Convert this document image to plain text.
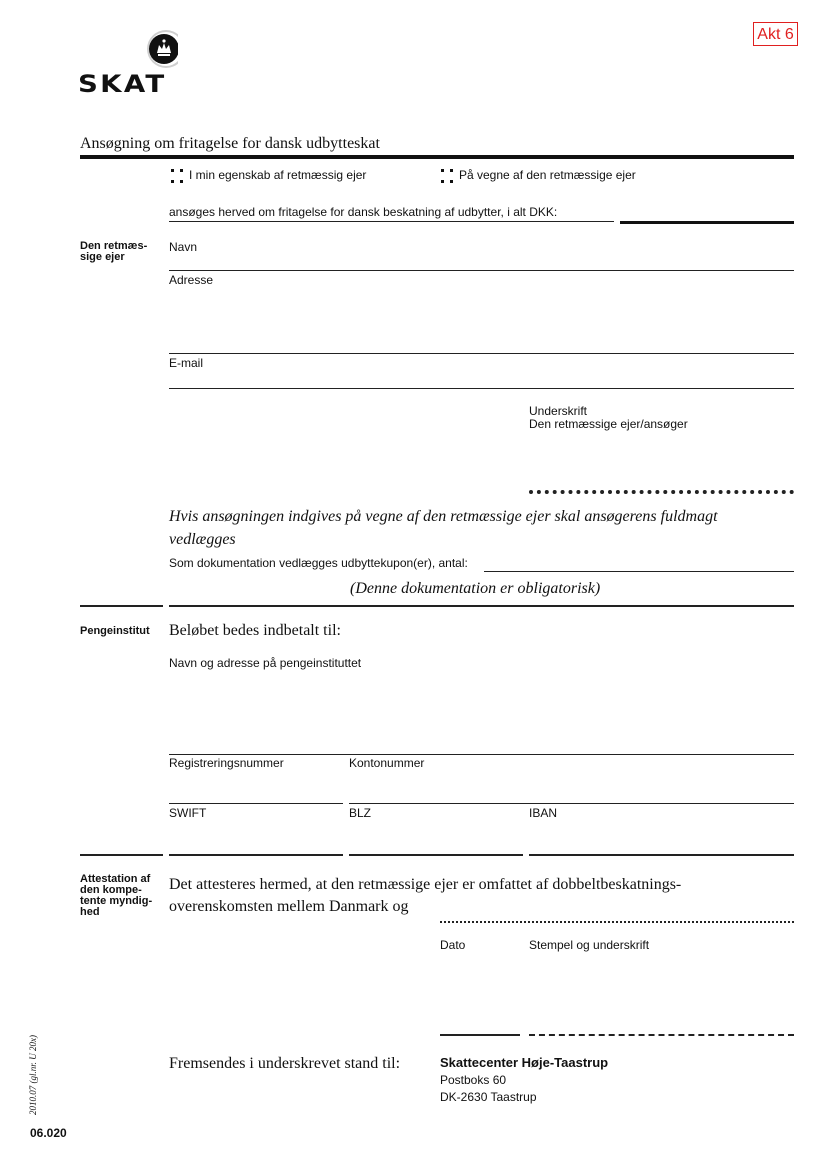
SKAT
Akt 6
Ansøgning om fritagelse for dansk udbytteskat
I min egenskab af retmæssig ejer	På vegne af den retmæssige ejer
ansøges herved om fritagelse for dansk beskatning af udbytter, i alt DKK:
Den retmæs-
sige ejer
Navn
Adresse
E-mail
Underskrift
Den retmæssige ejer/ansøger
Hvis ansøgningen indgives på vegne af den retmæssige ejer skal ansøgerens fuldmagt vedlægges
Som dokumentation vedlægges udbyttekupon(er), antal:
(Denne dokumentation er obligatorisk)
Pengeinstitut Beløbet bedes indbetalt til:
Navn og adresse på pengeinstituttet
Registreringsnummer	Kontonummer
SWIFT	BLZ	IBAN
Attestation af
den kompe-
tente myndig-
hed
Det attesteres hermed, at den retmæssige ejer er omfattet af dobbeltbeskatnings-
overenskomsten mellem Danmark og
Dato	Stempel og underskrift
Fremsendes i underskrevet stand til:	Skattecenter Høje-Taastrup
Postboks 60
DK-2630 Taastrup
2010.07 (gl.nr. U 20x)
06.020
